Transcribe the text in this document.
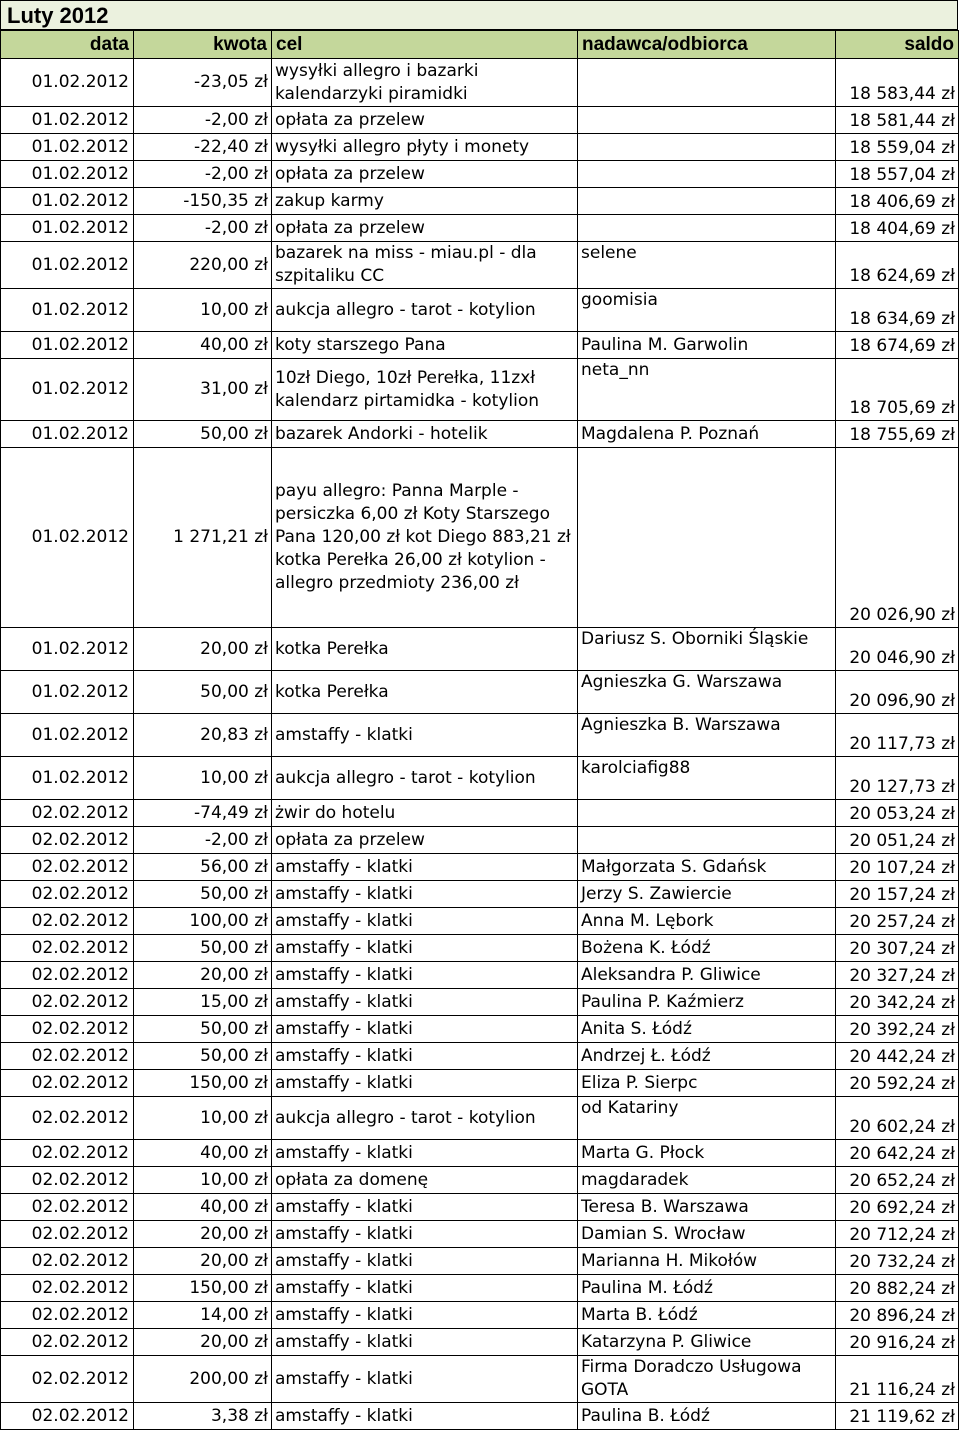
Luty 2012
data	kwota	cel	nadawca/odbiorca	saldo
01.02.2012	-23,05 zł	wysyłki allegro i bazarki kalendarzyki piramidki		18 583,44 zł
01.02.2012	-2,00 zł	opłata za przelew		18 581,44 zł
01.02.2012	-22,40 zł	wysyłki allegro płyty i monety		18 559,04 zł
01.02.2012	-2,00 zł	opłata za przelew		18 557,04 zł
01.02.2012	-150,35 zł	zakup karmy		18 406,69 zł
01.02.2012	-2,00 zł	opłata za przelew		18 404,69 zł
01.02.2012	220,00 zł	bazarek na miss - miau.pl - dla szpitaliku CC	selene	18 624,69 zł
01.02.2012	10,00 zł	aukcja allegro - tarot - kotylion	goomisia	18 634,69 zł
01.02.2012	40,00 zł	koty starszego Pana	Paulina M. Garwolin	18 674,69 zł
01.02.2012	31,00 zł	10zł Diego, 10zł Perełka, 11zxł kalendarz pirtamidka - kotylion	neta_nn	18 705,69 zł
01.02.2012	50,00 zł	bazarek Andorki - hotelik	Magdalena P. Poznań	18 755,69 zł
01.02.2012	1 271,21 zł	payu allegro: Panna Marple - persiczka 6,00 zł Koty Starszego Pana 120,00 zł kot Diego 883,21 zł kotka Perełka 26,00 zł kotylion - allegro przedmioty 236,00 zł		20 026,90 zł
01.02.2012	20,00 zł	kotka Perełka	Dariusz S. Oborniki Śląskie	20 046,90 zł
01.02.2012	50,00 zł	kotka Perełka	Agnieszka G. Warszawa	20 096,90 zł
01.02.2012	20,83 zł	amstaffy - klatki	Agnieszka B. Warszawa	20 117,73 zł
01.02.2012	10,00 zł	aukcja allegro - tarot - kotylion	karolciafig88	20 127,73 zł
02.02.2012	-74,49 zł	żwir do hotelu		20 053,24 zł
02.02.2012	-2,00 zł	opłata za przelew		20 051,24 zł
02.02.2012	56,00 zł	amstaffy - klatki	Małgorzata S. Gdańsk	20 107,24 zł
02.02.2012	50,00 zł	amstaffy - klatki	Jerzy S. Zawiercie	20 157,24 zł
02.02.2012	100,00 zł	amstaffy - klatki	Anna M. Lębork	20 257,24 zł
02.02.2012	50,00 zł	amstaffy - klatki	Bożena K. Łódź	20 307,24 zł
02.02.2012	20,00 zł	amstaffy - klatki	Aleksandra P. Gliwice	20 327,24 zł
02.02.2012	15,00 zł	amstaffy - klatki	Paulina P. Kaźmierz	20 342,24 zł
02.02.2012	50,00 zł	amstaffy - klatki	Anita S. Łódź	20 392,24 zł
02.02.2012	50,00 zł	amstaffy - klatki	Andrzej Ł. Łódź	20 442,24 zł
02.02.2012	150,00 zł	amstaffy - klatki	Eliza P. Sierpc	20 592,24 zł
02.02.2012	10,00 zł	aukcja allegro - tarot - kotylion	od Katariny	20 602,24 zł
02.02.2012	40,00 zł	amstaffy - klatki	Marta G. Płock	20 642,24 zł
02.02.2012	10,00 zł	opłata za domenę	magdaradek	20 652,24 zł
02.02.2012	40,00 zł	amstaffy - klatki	Teresa B. Warszawa	20 692,24 zł
02.02.2012	20,00 zł	amstaffy - klatki	Damian S. Wrocław	20 712,24 zł
02.02.2012	20,00 zł	amstaffy - klatki	Marianna H. Mikołów	20 732,24 zł
02.02.2012	150,00 zł	amstaffy - klatki	Paulina M. Łódź	20 882,24 zł
02.02.2012	14,00 zł	amstaffy - klatki	Marta B. Łódź	20 896,24 zł
02.02.2012	20,00 zł	amstaffy - klatki	Katarzyna P. Gliwice	20 916,24 zł
02.02.2012	200,00 zł	amstaffy - klatki	Firma Doradczo Usługowa GOTA	21 116,24 zł
02.02.2012	3,38 zł	amstaffy - klatki	Paulina B. Łódź	21 119,62 zł
